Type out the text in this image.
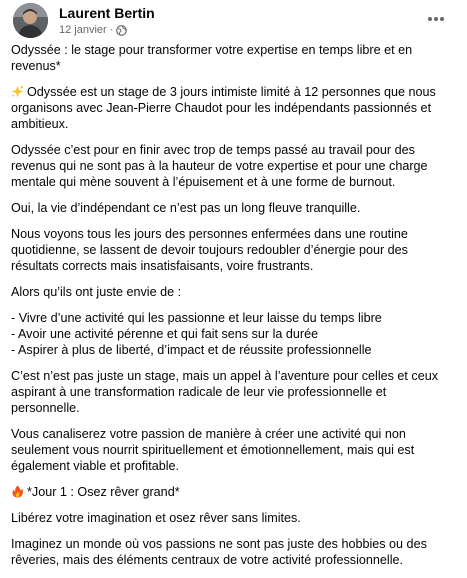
Laurent Bertin
12 janvier ·

Odyssée : le stage pour transformer votre expertise en temps libre et en revenus*

Odyssée est un stage de 3 jours intimiste limité à 12 personnes que nous organisons avec Jean-Pierre Chaudot pour les indépendants passionnés et ambitieux.

Odyssée c’est pour en finir avec trop de temps passé au travail pour des revenus qui ne sont pas à la hauteur de votre expertise et pour une charge mentale qui mène souvent à l’épuisement et à une forme de burnout.

Oui, la vie d’indépendant ce n’est pas un long fleuve tranquille.

Nous voyons tous les jours des personnes enfermées dans une routine quotidienne, se lassent de devoir toujours redoubler d’énergie pour des résultats corrects mais insatisfaisants, voire frustrants.

Alors qu’ils ont juste envie de :

- Vivre d’une activité qui les passionne et leur laisse du temps libre
- Avoir une activité pérenne et qui fait sens sur la durée
- Aspirer à plus de liberté, d’impact et de réussite professionnelle

C’est n’est pas juste un stage, mais un appel à l’aventure pour celles et ceux aspirant à une transformation radicale de leur vie professionnelle et personnelle.

Vous canaliserez votre passion de manière à créer une activité qui non seulement vous nourrit spirituellement et émotionnellement, mais qui est également viable et profitable.

*Jour 1 : Osez rêver grand*

Libérez votre imagination et osez rêver sans limites.

Imaginez un monde où vos passions ne sont pas juste des hobbies ou des rêveries, mais des éléments centraux de votre activité professionnelle.
